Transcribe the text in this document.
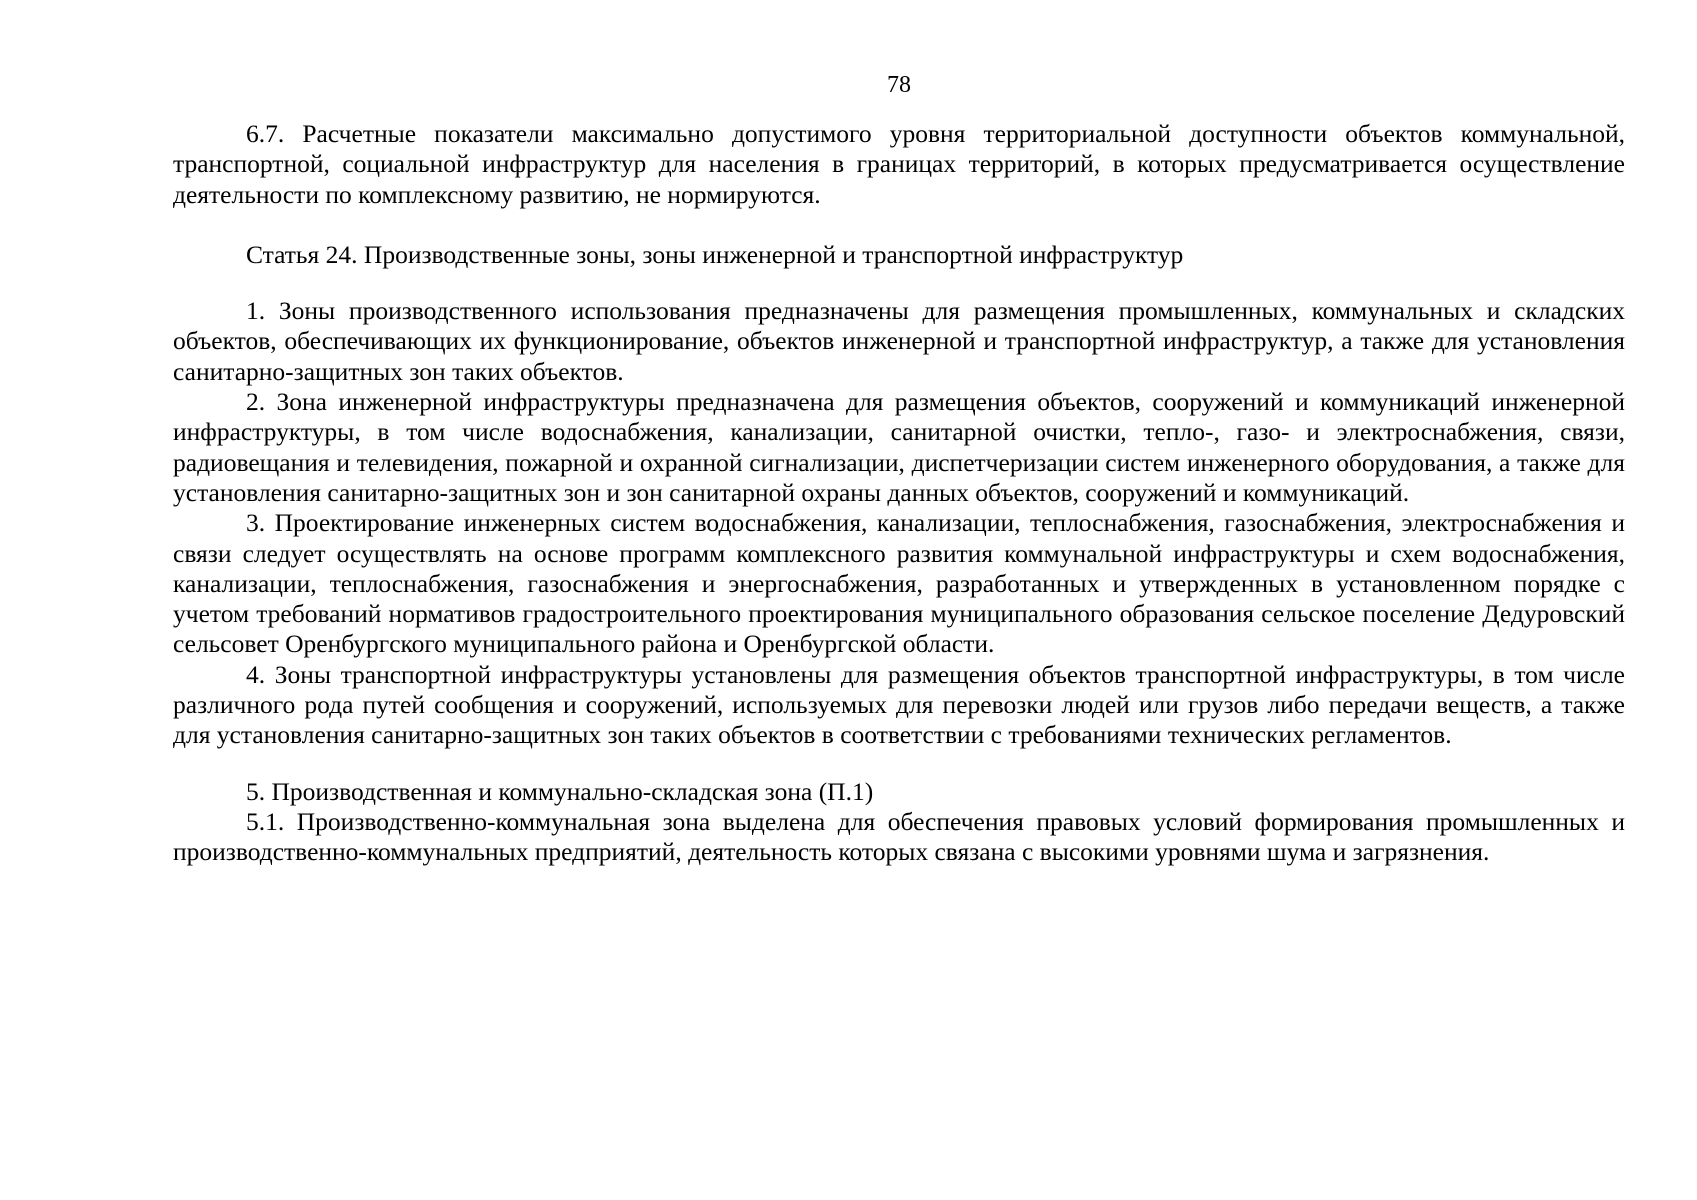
78

6.7. Расчетные показатели максимально допустимого уровня территориальной доступности объектов коммунальной, транспортной, социальной инфраструктур для населения в границах территорий, в которых предусматривается осуществление деятельности по комплексному развитию, не нормируются.

Статья 24. Производственные зоны, зоны инженерной и транспортной инфраструктур

1. Зоны производственного использования предназначены для размещения промышленных, коммунальных и складских объектов, обеспечивающих их функционирование, объектов инженерной и транспортной инфраструктур, а также для установления санитарно-защитных зон таких объектов.

2. Зона инженерной инфраструктуры предназначена для размещения объектов, сооружений и коммуникаций инженерной инфраструктуры, в том числе водоснабжения, канализации, санитарной очистки, тепло-, газо- и электроснабжения, связи, радиовещания и телевидения, пожарной и охранной сигнализации, диспетчеризации систем инженерного оборудования, а также для установления санитарно-защитных зон и зон санитарной охраны данных объектов, сооружений и коммуникаций.

3. Проектирование инженерных систем водоснабжения, канализации, теплоснабжения, газоснабжения, электроснабжения и связи следует осуществлять на основе программ комплексного развития коммунальной инфраструктуры и схем водоснабжения, канализации, теплоснабжения, газоснабжения и энергоснабжения, разработанных и утвержденных в установленном порядке с учетом требований нормативов градостроительного проектирования муниципального образования сельское поселение Дедуровский сельсовет Оренбургского муниципального района и Оренбургской области.

4. Зоны транспортной инфраструктуры установлены для размещения объектов транспортной инфраструктуры, в том числе различного рода путей сообщения и сооружений, используемых для перевозки людей или грузов либо передачи веществ, а также для установления санитарно-защитных зон таких объектов в соответствии с требованиями технических регламентов.

5. Производственная и коммунально-складская зона (П.1)

5.1. Производственно-коммунальная зона выделена для обеспечения правовых условий формирования промышленных и производственно-коммунальных предприятий, деятельность которых связана с высокими уровнями шума и загрязнения.
